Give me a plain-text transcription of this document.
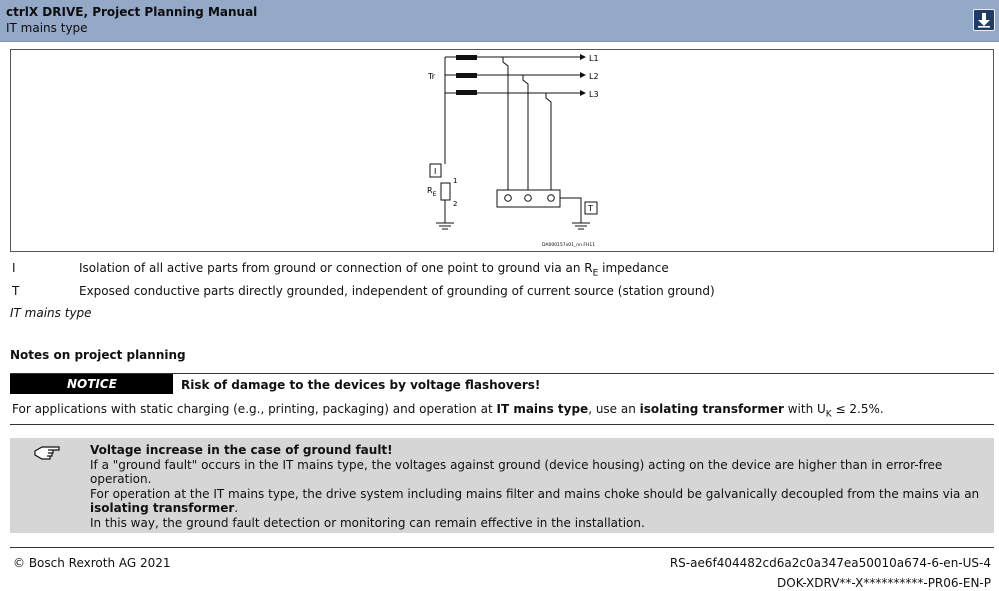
ctrlX DRIVE, Project Planning Manual
IT mains type
L1
L2
L3
Tr
T
I
$R_E$
1
2
DA000157v01_nn.FH11
I	Isolation of all active parts from ground or connection of one point to ground via an $R_E$ impedance
T	Exposed conductive parts directly grounded, independent of grounding of current source (station ground)
IT mains type
Notes on project planning
NOTICE	Risk of damage to the devices by voltage flashovers!
For applications with static charging (e.g., printing, packaging) and operation at IT mains type, use an isolating transformer with $U_K \le 2.5\%$.
Voltage increase in the case of ground fault!
If a "ground fault" occurs in the IT mains type, the voltages against ground (device housing) acting on the device are higher than in error-free operation.
For operation at the IT mains type, the drive system including mains filter and mains choke should be galvanically decoupled from the mains via an isolating transformer.
In this way, the ground fault detection or monitoring can remain effective in the installation.
© Bosch Rexroth AG 2021	RS-ae6f404482cd6a2c0a347ea50010a674-6-en-US-4
DOK-XDRV**-X**********-PR06-EN-P
